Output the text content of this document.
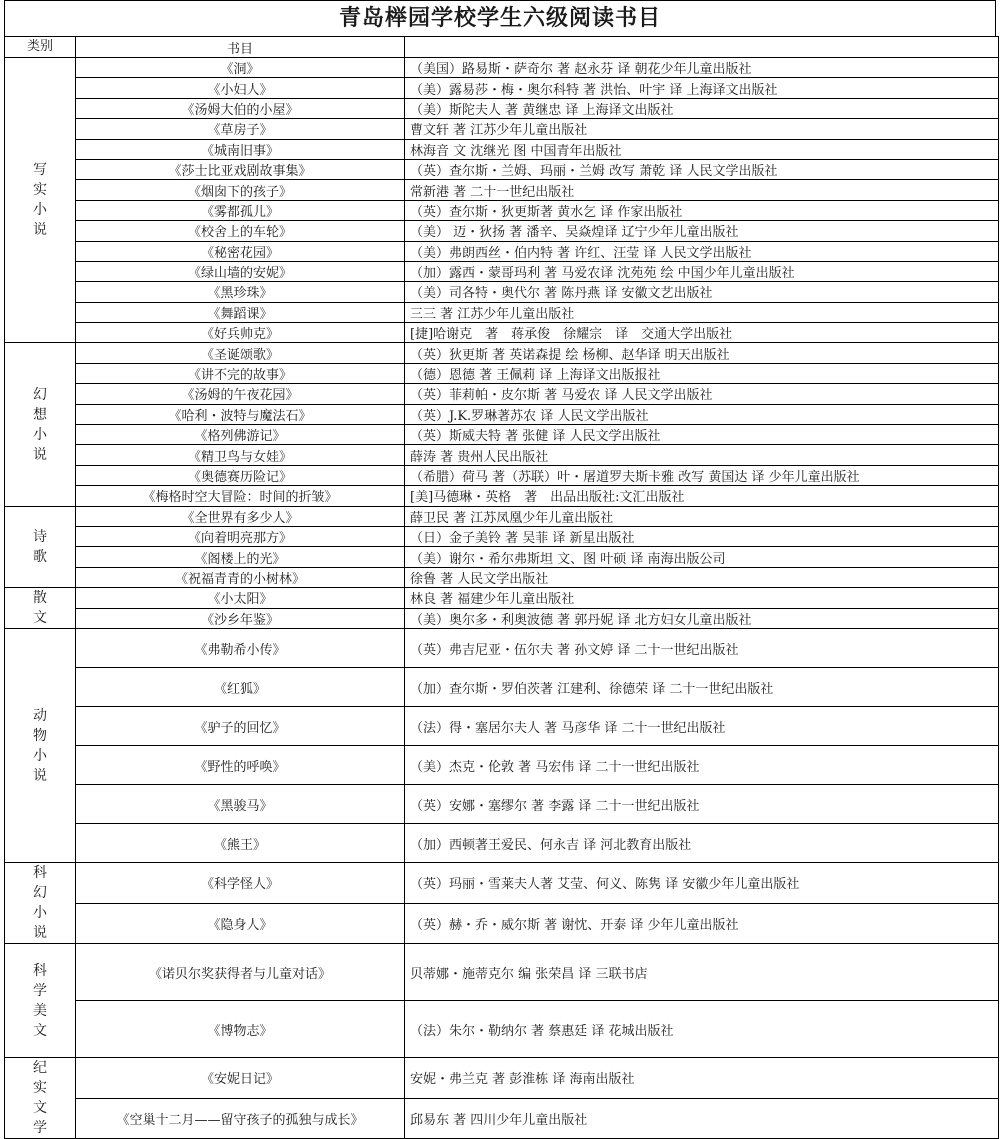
青岛榉园学校学生六级阅读书目
类别	书目	
写实小说	《洞》	（美国）路易斯・萨奇尔 著 赵永芬 译 朝花少年儿童出版社
	《小妇人》	（美）露易莎・梅・奥尔科特 著 洪怡、叶宇 译 上海译文出版社
	《汤姆大伯的小屋》	（美）斯陀夫人 著 黄继忠 译 上海译文出版社
	《草房子》	曹文轩 著 江苏少年儿童出版社
	《城南旧事》	林海音 文 沈继光 图 中国青年出版社
	《莎士比亚戏剧故事集》	（英）查尔斯・兰姆、玛丽・兰姆 改写 萧乾 译 人民文学出版社
	《烟囱下的孩子》	常新港 著 二十一世纪出版社
	《雾都孤儿》	（英）查尔斯・狄更斯著 黄水乞 译 作家出版社
	《校舍上的车轮》	（美） 迈・狄扬 著 潘辛、吴焱煌译 辽宁少年儿童出版社
	《秘密花园》	（美）弗朗西丝・伯内特 著 许红、汪莹 译 人民文学出版社
	《绿山墙的安妮》	（加）露西・蒙哥玛利 著 马爱农译 沈苑苑 绘 中国少年儿童出版社
	《黑珍珠》	（美）司各特・奥代尔 著 陈丹燕 译 安徽文艺出版社
	《舞蹈课》	三三 著 江苏少年儿童出版社
	《好兵帅克》	[捷]哈谢克　著　蒋承俊　徐耀宗　译　交通大学出版社
幻想小说	《圣诞颂歌》	（英）狄更斯 著 英诺森提 绘 杨柳、赵华译 明天出版社
	《讲不完的故事》	（德）恩德 著 王佩莉 译 上海译文出版报社
	《汤姆的午夜花园》	（英）菲莉帕・皮尔斯 著 马爱农 译 人民文学出版社
	《哈利・波特与魔法石》	（英）J.K.罗琳著苏农 译 人民文学出版社
	《格列佛游记》	（英）斯威夫特 著 张健 译 人民文学出版社
	《精卫鸟与女娃》	薛涛 著 贵州人民出版社
	《奥德赛历险记》	（希腊）荷马 著（苏联）叶・屠道罗夫斯卡雅 改写 黄国达 译 少年儿童出版社
	《梅格时空大冒险：时间的折皱》	[美]马德琳・英格　著　出品出版社:文汇出版社
诗歌	《全世界有多少人》	薛卫民 著 江苏凤凰少年儿童出版社
	《向着明亮那方》	（日）金子美铃 著 吴菲 译 新星出版社
	《阁楼上的光》	（美）谢尔・希尔弗斯坦 文、图 叶硕 译 南海出版公司
	《祝福青青的小树林》	徐鲁 著 人民文学出版社
散文	《小太阳》	林良 著 福建少年儿童出版社
	《沙乡年鉴》	（美）奥尔多・利奥波德 著 郭丹妮 译 北方妇女儿童出版社
动物小说	《弗勒希小传》	（英）弗吉尼亚・伍尔夫 著 孙文婷 译 二十一世纪出版社
	《红狐》	（加）查尔斯・罗伯茨著 江建利、徐德荣 译 二十一世纪出版社
	《驴子的回忆》	（法）得・塞居尔夫人 著 马彦华 译 二十一世纪出版社
	《野性的呼唤》	（美）杰克・伦敦 著 马宏伟 译 二十一世纪出版社
	《黑骏马》	（英）安娜・塞缪尔 著 李露 译 二十一世纪出版社
	《熊王》	（加）西顿著王爱民、何永吉 译 河北教育出版社
科幻小说	《科学怪人》	（英）玛丽・雪莱夫人著 艾莹、何义、陈隽 译 安徽少年儿童出版社
	《隐身人》	（英）赫・乔・威尔斯 著 谢忱、开泰 译 少年儿童出版社
科学美文	《诺贝尔奖获得者与儿童对话》	贝蒂娜・施蒂克尔 编 张荣昌 译 三联书店
	《博物志》	（法）朱尔・勒纳尔 著 蔡惠廷 译 花城出版社
纪实文学	《安妮日记》	安妮・弗兰克 著 彭淮栋 译 海南出版社
	《空巢十二月——留守孩子的孤独与成长》	邱易东 著 四川少年儿童出版社
